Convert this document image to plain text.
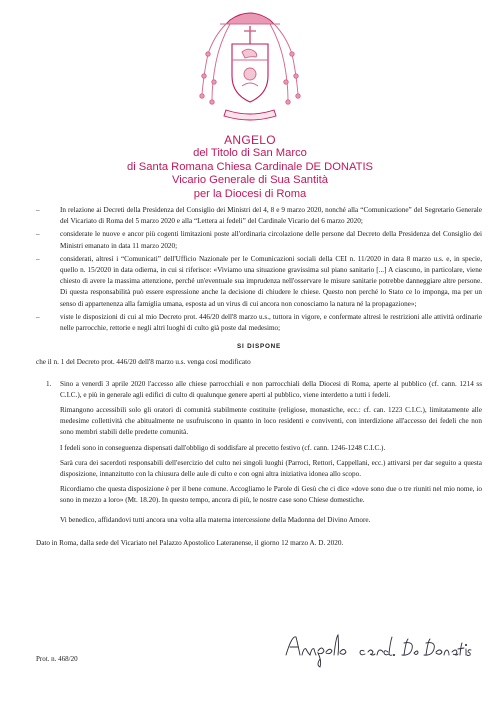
ANGELO
del Titolo di San Marco
di Santa Romana Chiesa Cardinale DE DONATIS
Vicario Generale di Sua Santità
per la Diocesi di Roma
–	In relazione ai Decreti della Presidenza del Consiglio dei Ministri del 4, 8 e 9 marzo 2020, nonché alla “Comunicazione” del Segretario Generale del Vicariato di Roma del 5 marzo 2020 e alla “Lettera ai fedeli” del Cardinale Vicario del 6 marzo 2020;

–	considerate le nuove e ancor più cogenti limitazioni poste all'ordinaria circolazione delle persone dal Decreto della Presidenza del Consiglio dei Ministri emanato in data 11 marzo 2020;

–	considerati, altresì i “Comunicati” dell'Ufficio Nazionale per le Comunicazioni sociali della CEI n. 11/2020 in data 8 marzo u.s. e, in specie, quello n. 15/2020 in data odierna, in cui si riferisce: «Viviamo una situazione gravissima sul piano sanitario [...] A ciascuno, in particolare, viene chiesto di avere la massima attenzione, perché un'eventuale sua imprudenza nell'osservare le misure sanitarie potrebbe danneggiare altre persone. Di questa responsabilità può essere espressione anche la decisione di chiudere le chiese. Questo non perché lo Stato ce lo imponga, ma per un senso di appartenenza alla famiglia umana, esposta ad un virus di cui ancora non conosciamo la natura né la propagazione»;

–	viste le disposizioni di cui al mio Decreto prot. 446/20 dell'8 marzo u.s., tuttora in vigore, e confermate altresì le restrizioni alle attività ordinarie nelle parrocchie, rettorie e negli altri luoghi di culto già poste dal medesimo;

SI DISPONE

che il n. 1 del Decreto prot. 446/20 dell'8 marzo u.s. venga così modificato

1. Sino a venerdì 3 aprile 2020 l'accesso alle chiese parrocchiali e non parrocchiali della Diocesi di Roma, aperte al pubblico (cf. cann. 1214 ss C.I.C.), e più in generale agli edifici di culto di qualunque genere aperti al pubblico, viene interdetto a tutti i fedeli.

Rimangono accessibili solo gli oratori di comunità stabilmente costituite (religiose, monastiche, ecc.: cf. can. 1223 C.I.C.), limitatamente alle medesime collettività che abitualmente ne usufruiscono in quanto in loco residenti e conviventi, con interdizione all'accesso dei fedeli che non sono membri stabili delle predette comunità.

I fedeli sono in conseguenza dispensati dall'obbligo di soddisfare al precetto festivo (cf. cann. 1246-1248 C.I.C.).

Sarà cura dei sacerdoti responsabili dell'esercizio del culto nei singoli luoghi (Parroci, Rettori, Cappellani, ecc.) attivarsi per dar seguito a questa disposizione, innanzitutto con la chiusura delle aule di culto e con ogni altra iniziativa idonea allo scopo.

Ricordiamo che questa disposizione è per il bene comune. Accogliamo le Parole di Gesù che ci dice «dove sono due o tre riuniti nel mio nome, io sono in mezzo a loro» (Mt. 18.20). In questo tempo, ancora di più, le nostre case sono Chiese domestiche.

Vi benedico, affidandovi tutti ancora una volta alla materna intercessione della Madonna del Divino Amore.

Dato in Roma, dalla sede del Vicariato nel Palazzo Apostolico Lateranense, il giorno 12 marzo A. D. 2020.

Prot. n. 468/20
